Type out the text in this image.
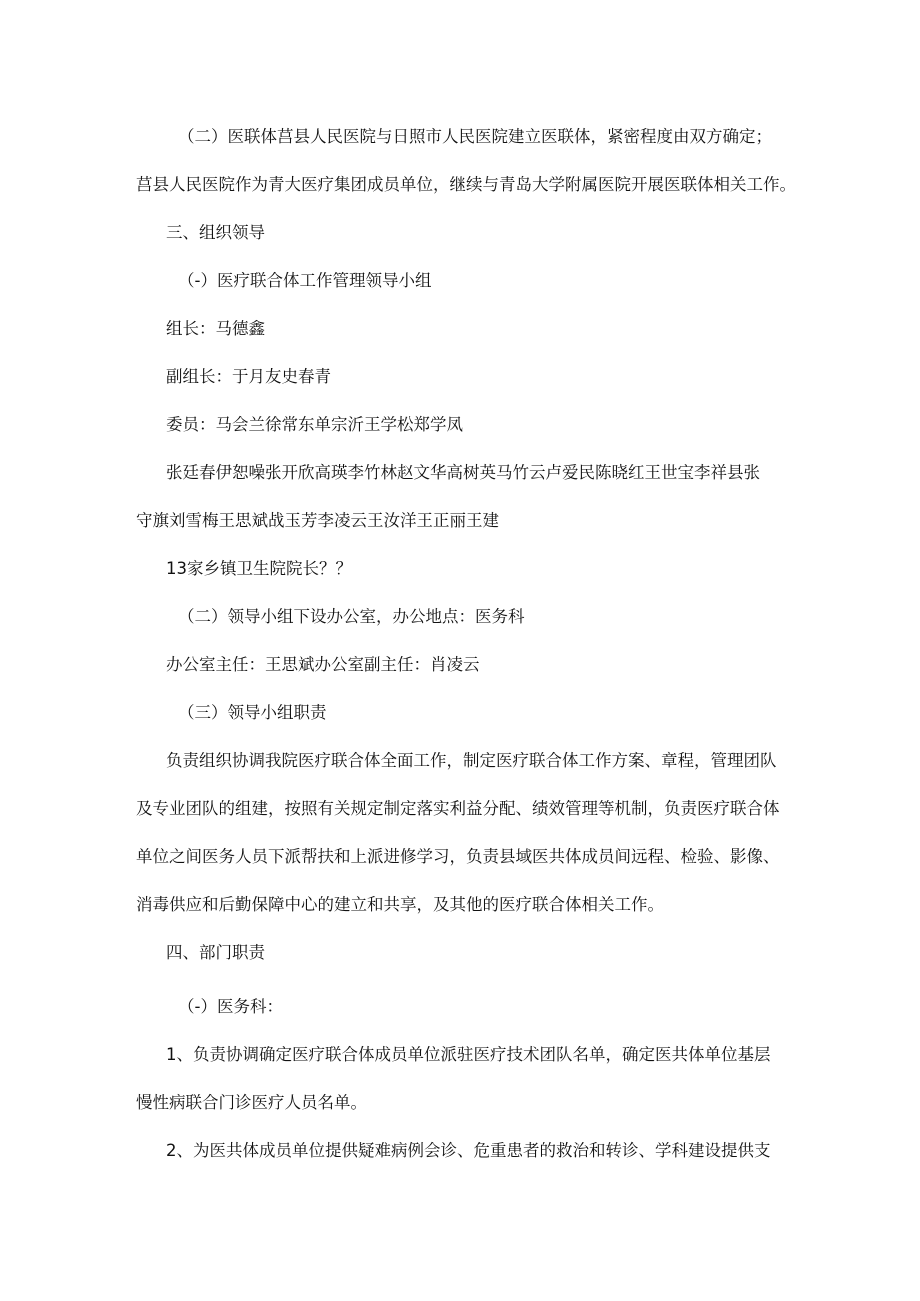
（二）医联体莒县人民医院与日照市人民医院建立医联体，紧密程度由双方确定；
莒县人民医院作为青大医疗集团成员单位，继续与青岛大学附属医院开展医联体相关工作。
三、组织领导
（-）医疗联合体工作管理领导小组
组长：马德鑫
副组长：于月友史春青
委员：马会兰徐常东单宗沂王学松郑学凤
张廷春伊恕噪张开欣高瑛李竹林赵文华高树英马竹云卢爱民陈晓红王世宝李祥县张
守旗刘雪梅王思斌战玉芳李凌云王汝洋王正丽王建
13家乡镇卫生院院长？？
（二）领导小组下设办公室，办公地点：医务科
办公室主任：王思斌办公室副主任：肖凌云
（三）领导小组职责
负责组织协调我院医疗联合体全面工作，制定医疗联合体工作方案、章程，管理团队
及专业团队的组建，按照有关规定制定落实利益分配、绩效管理等机制，负责医疗联合体
单位之间医务人员下派帮扶和上派进修学习，负责县域医共体成员间远程、检验、影像、
消毒供应和后勤保障中心的建立和共享，及其他的医疗联合体相关工作。
四、部门职责
（-）医务科：
1、负责协调确定医疗联合体成员单位派驻医疗技术团队名单，确定医共体单位基层
慢性病联合门诊医疗人员名单。
2、为医共体成员单位提供疑难病例会诊、危重患者的救治和转诊、学科建设提供支
